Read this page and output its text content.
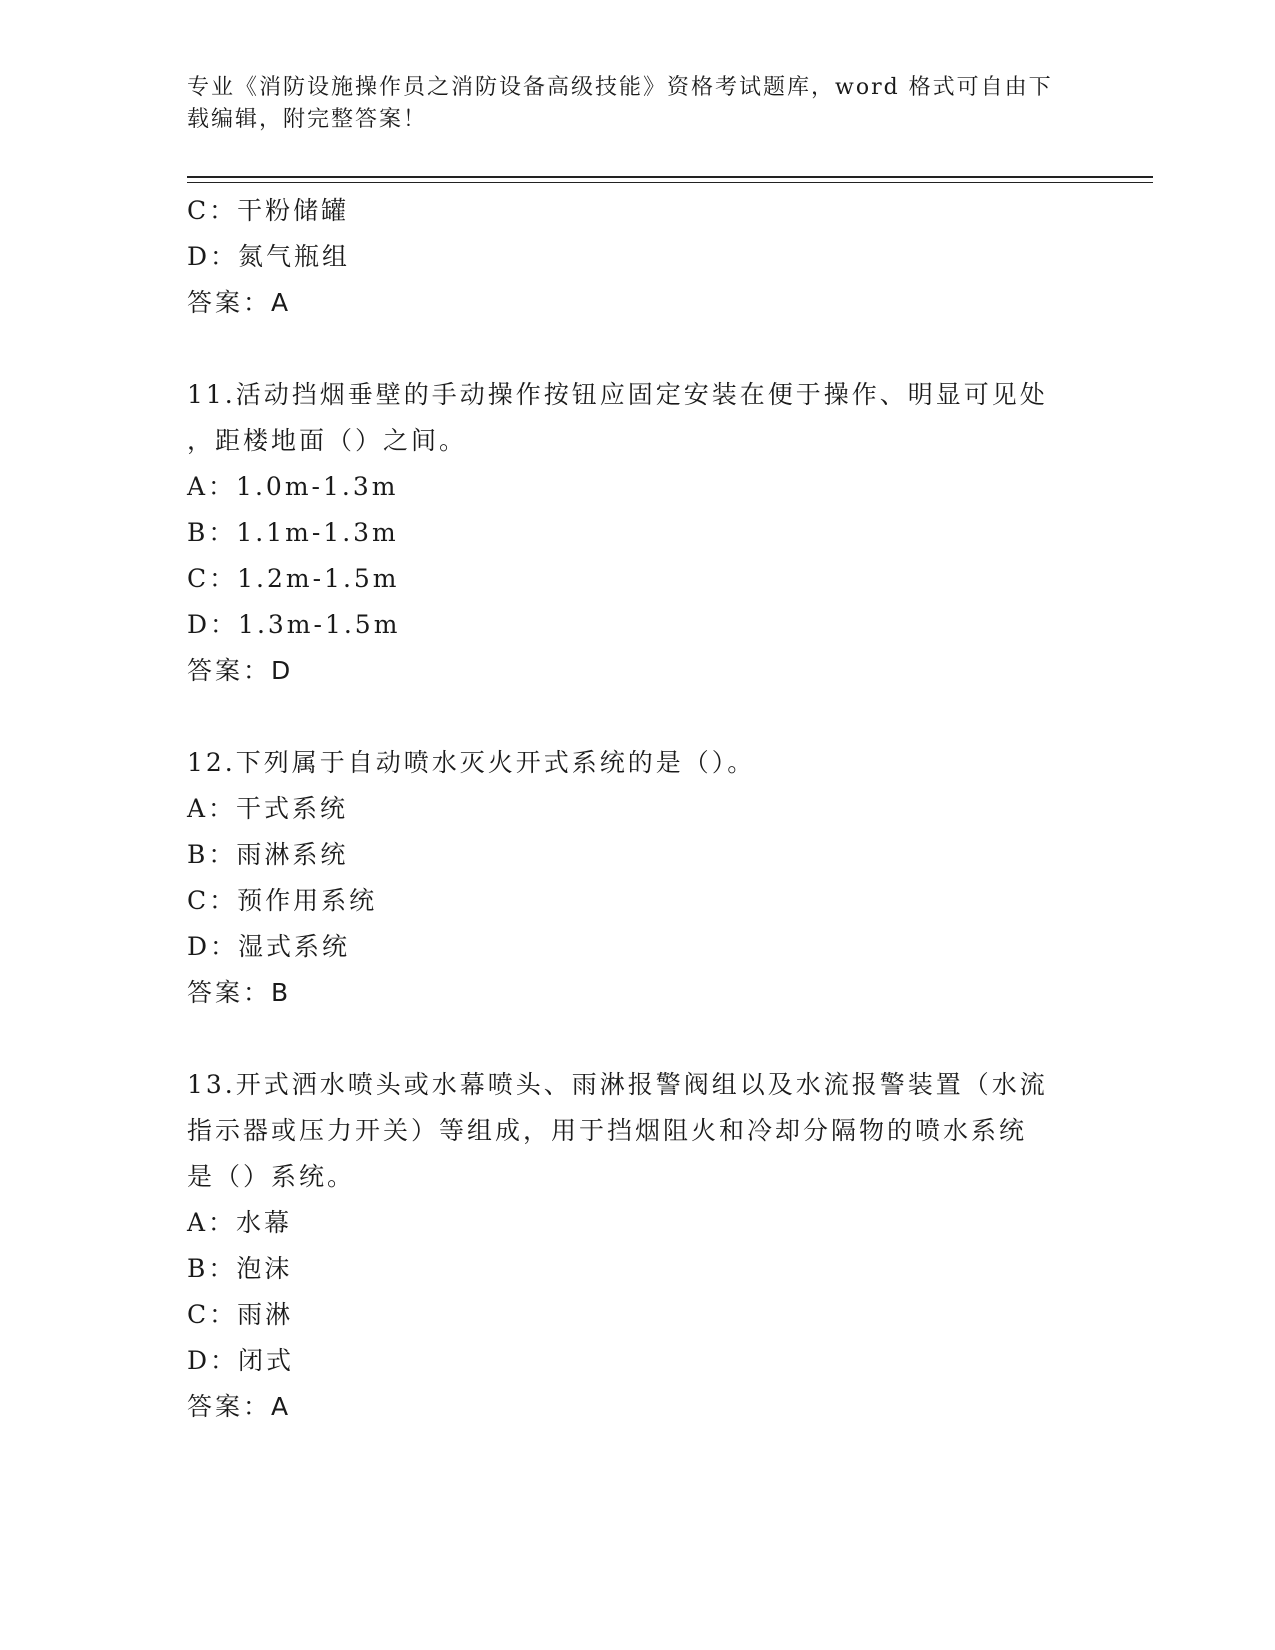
专业《消防设施操作员之消防设备高级技能》资格考试题库，word 格式可自由下
载编辑，附完整答案！
C：干粉储罐
D：氮气瓶组
答案：A
11.活动挡烟垂壁的手动操作按钮应固定安装在便于操作、明显可见处
，距楼地面（）之间。
A：1.0m-1.3m
B：1.1m-1.3m
C：1.2m-1.5m
D：1.3m-1.5m
答案：D
12.下列属于自动喷水灭火开式系统的是（）。
A：干式系统
B：雨淋系统
C：预作用系统
D：湿式系统
答案：B
13.开式洒水喷头或水幕喷头、雨淋报警阀组以及水流报警装置（水流
指示器或压力开关）等组成，用于挡烟阻火和冷却分隔物的喷水系统
是（）系统。
A：水幕
B：泡沫
C：雨淋
D：闭式
答案：A
